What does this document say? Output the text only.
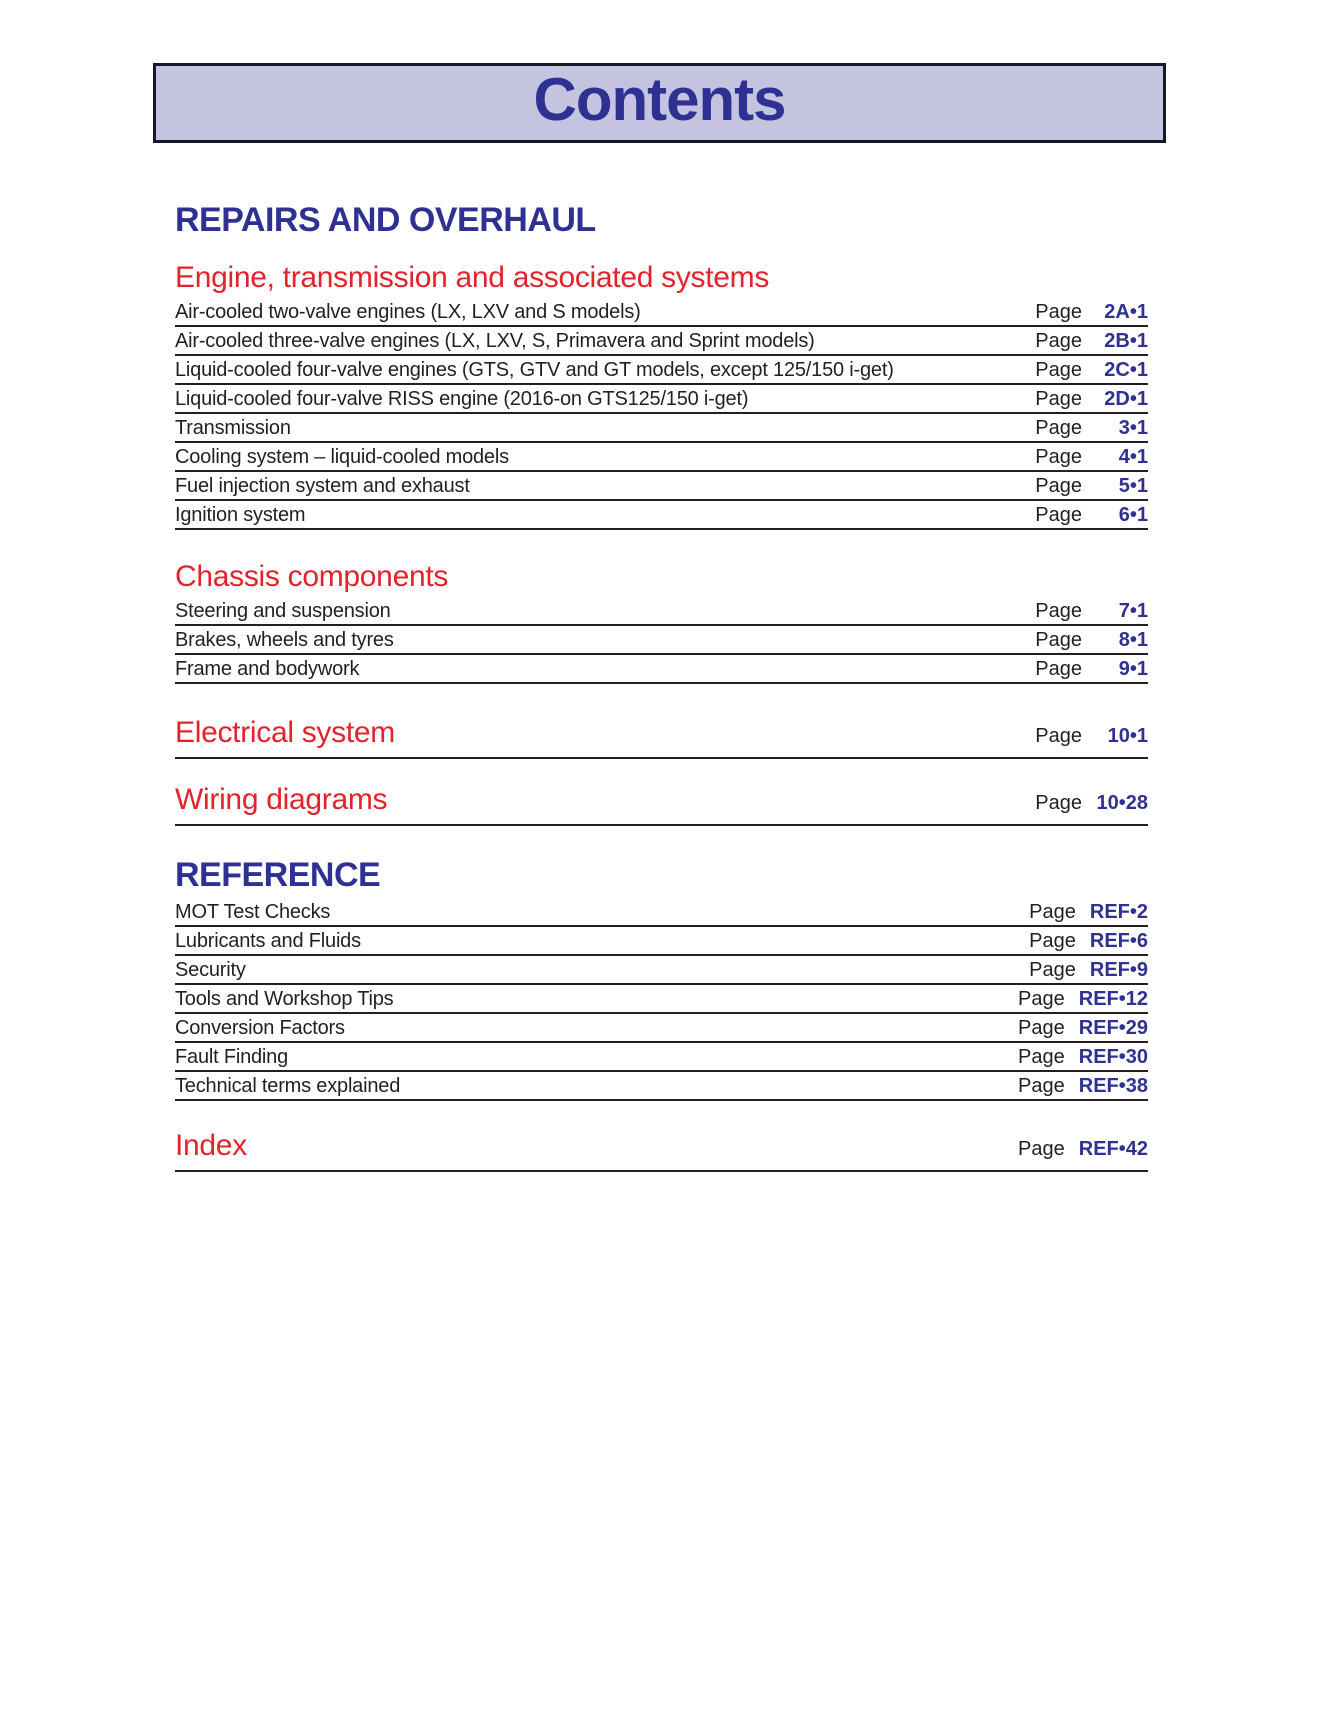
Contents
REPAIRS AND OVERHAUL
Engine, transmission and associated systems
Air-cooled two-valve engines (LX, LXV and S models)	Page	2A•1
Air-cooled three-valve engines (LX, LXV, S, Primavera and Sprint models)	Page	2B•1
Liquid-cooled four-valve engines (GTS, GTV and GT models, except 125/150 i-get)	Page	2C•1
Liquid-cooled four-valve RISS engine (2016-on GTS125/150 i-get)	Page	2D•1
Transmission	Page	3•1
Cooling system – liquid-cooled models	Page	4•1
Fuel injection system and exhaust	Page	5•1
Ignition system	Page	6•1
Chassis components
Steering and suspension	Page	7•1
Brakes, wheels and tyres	Page	8•1
Frame and bodywork	Page	9•1
Electrical system	Page	10•1
Wiring diagrams	Page 10•28
REFERENCE
MOT Test Checks	Page REF•2
Lubricants and Fluids	Page REF•6
Security	Page REF•9
Tools and Workshop Tips	Page REF•12
Conversion Factors	Page REF•29
Fault Finding	Page REF•30
Technical terms explained	Page REF•38
Index	Page REF•42
